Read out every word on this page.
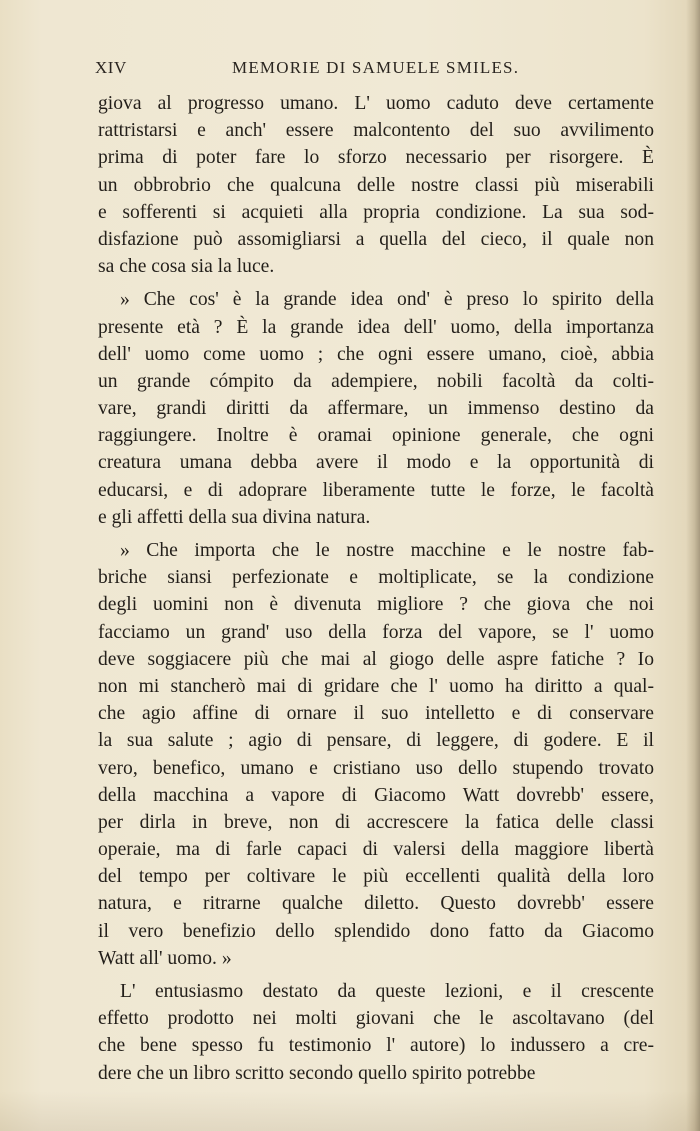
XIV	MEMORIE DI SAMUELE SMILES.
giova al progresso umano. L' uomo caduto deve certamente
rattristarsi e anch' essere malcontento del suo avvilimento
prima di poter fare lo sforzo necessario per risorgere. È
un obbrobrio che qualcuna delle nostre classi più miserabili
e sofferenti si acquieti alla propria condizione. La sua sod-
disfazione può assomigliarsi a quella del cieco, il quale non
sa che cosa sia la luce.
» Che cos' è la grande idea ond' è preso lo spirito della
presente età ? È la grande idea dell' uomo, della importanza
dell' uomo come uomo ; che ogni essere umano, cioè, abbia
un grande cómpito da adempiere, nobili facoltà da colti-
vare, grandi diritti da affermare, un immenso destino da
raggiungere. Inoltre è oramai opinione generale, che ogni
creatura umana debba avere il modo e la opportunità di
educarsi, e di adoprare liberamente tutte le forze, le facoltà
e gli affetti della sua divina natura.
» Che importa che le nostre macchine e le nostre fab-
briche siansi perfezionate e moltiplicate, se la condizione
degli uomini non è divenuta migliore ? che giova che noi
facciamo un grand' uso della forza del vapore, se l' uomo
deve soggiacere più che mai al giogo delle aspre fatiche ? Io
non mi stancherò mai di gridare che l' uomo ha diritto a qual-
che agio affine di ornare il suo intelletto e di conservare
la sua salute ; agio di pensare, di leggere, di godere. E il
vero, benefico, umano e cristiano uso dello stupendo trovato
della macchina a vapore di Giacomo Watt dovrebb' essere,
per dirla in breve, non di accrescere la fatica delle classi
operaie, ma di farle capaci di valersi della maggiore libertà
del tempo per coltivare le più eccellenti qualità della loro
natura, e ritrarne qualche diletto. Questo dovrebb' essere
il vero benefizio dello splendido dono fatto da Giacomo
Watt all' uomo. »
L' entusiasmo destato da queste lezioni, e il crescente
effetto prodotto nei molti giovani che le ascoltavano (del
che bene spesso fu testimonio l' autore) lo indussero a cre-
dere che un libro scritto secondo quello spirito potrebbe
